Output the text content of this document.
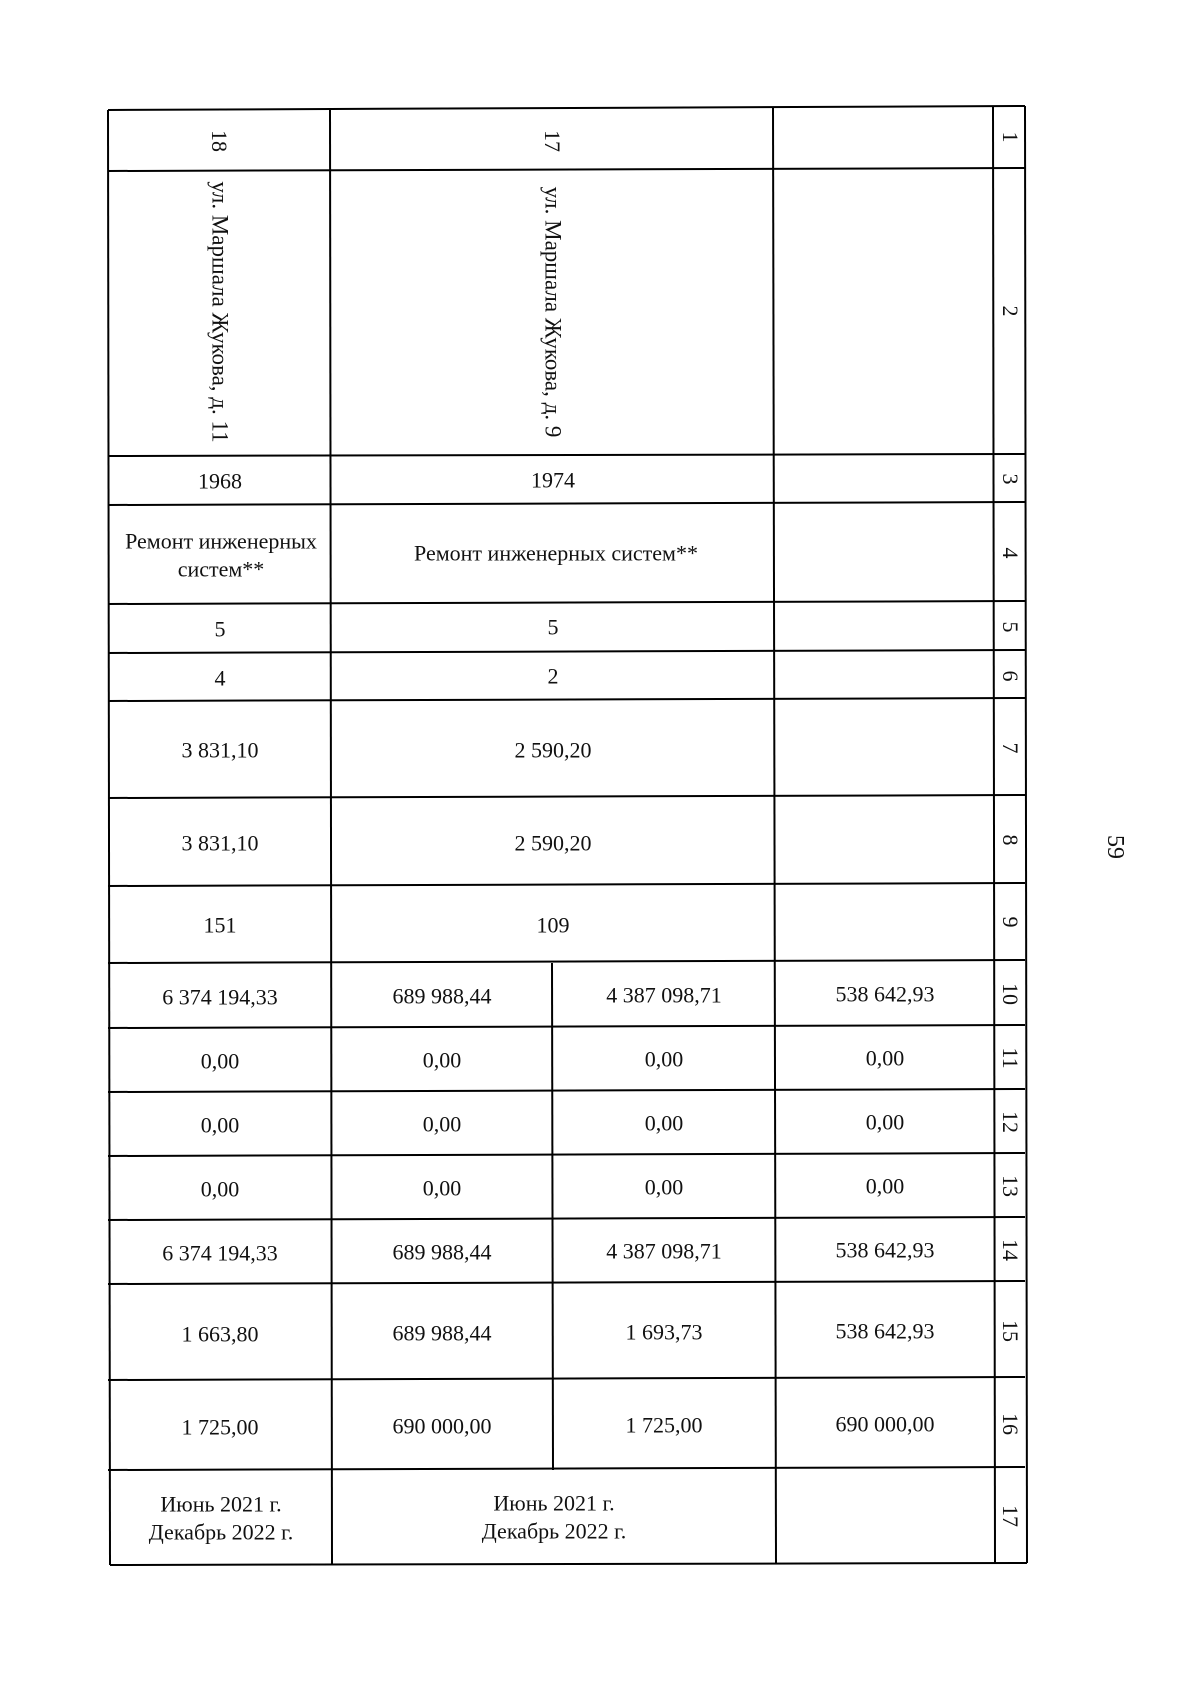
1
2
3
4
5
6
7
8
9
10
11
12
13
14
15
16
17
18
ул. Маршала Жукова, д. 11
1968
Ремонт инженерных
систем**
5
4
3 831,10
3 831,10
151
6 374 194,33
0,00
0,00
0,00
6 374 194,33
1 663,80
1 725,00
Июнь 2021 г.
Декабрь 2022 г.
17
ул. Маршала Жукова, д. 9
1974
Ремонт инженерных систем**
5
2
2 590,20
2 590,20
109
689 988,44
0,00
0,00
0,00
689 988,44
689 988,44
690 000,00
4 387 098,71
0,00
0,00
0,00
4 387 098,71
1 693,73
1 725,00
Июнь 2021 г.
Декабрь 2022 г.
538 642,93
0,00
0,00
0,00
538 642,93
538 642,93
690 000,00
59
